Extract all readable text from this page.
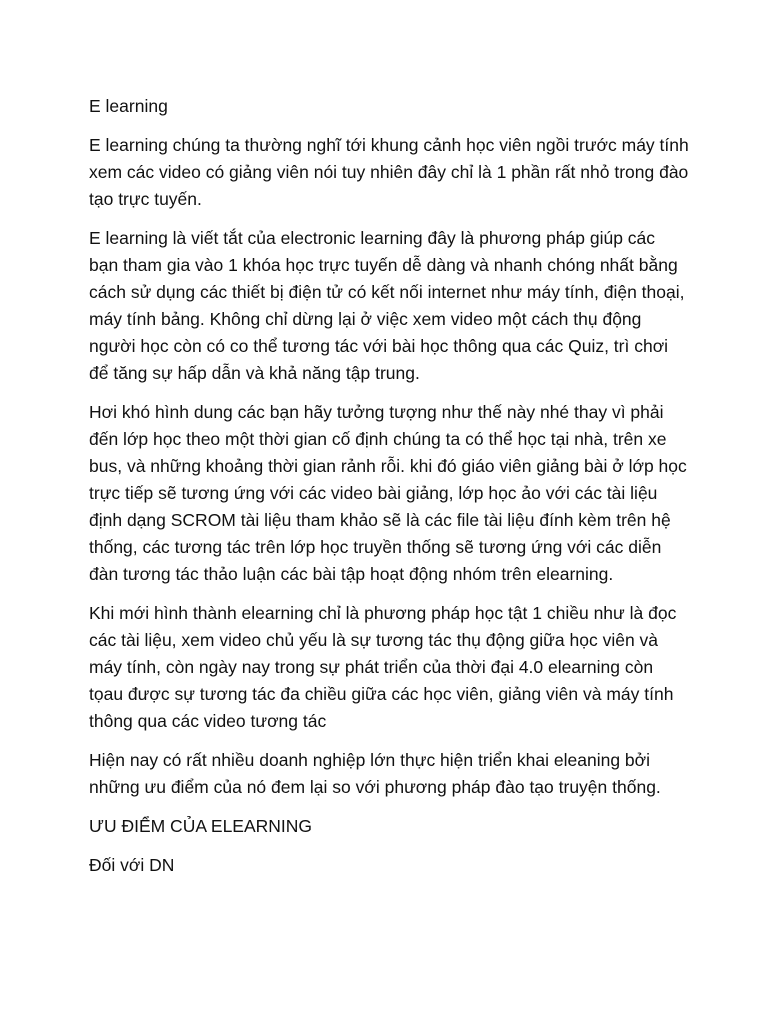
E learning

E learning chúng ta thường nghĩ tới khung cảnh học viên ngồi trước máy tính xem các video có giảng viên nói tuy nhiên đây chỉ là 1 phần rất nhỏ trong đào tạo trực tuyến.

E learning là viết tắt của electronic learning đây là phương pháp giúp các bạn tham gia vào 1 khóa học trực tuyến dễ dàng và nhanh chóng nhất bằng cách sử dụng các thiết bị điện tử có kết nối internet như máy tính, điện thoại, máy tính bảng. Không chỉ dừng lại ở việc xem video một cách thụ động người học còn có co thể tương tác với bài học thông qua các Quiz, trì chơi để tăng sự hấp dẫn và khả năng tập trung.

Hơi khó hình dung các bạn hãy tưởng tượng như thế này nhé thay vì phải đến lớp học theo một thời gian cố định chúng ta có thể học tại nhà, trên xe bus, và những khoảng thời gian rảnh rỗi. khi đó giáo viên giảng bài ở lớp học trực tiếp sẽ tương ứng với các video bài giảng, lớp học ảo với các tài liệu định dạng SCROM tài liệu tham khảo sẽ là các file tài liệu đính kèm trên hệ thống, các tương tác trên lớp học truyền thống sẽ tương ứng với các diễn đàn tương tác thảo luận các bài tập hoạt động nhóm trên elearning.

Khi mới hình thành elearning chỉ là phương pháp học tật 1 chiều như là đọc các tài liệu, xem video chủ yếu là sự tương tác thụ động giữa học viên và máy tính, còn ngày nay trong sự phát triển của thời đại 4.0 elearning còn tọau được sự tương tác đa chiều giữa các học viên, giảng viên và máy tính thông qua các video tương tác

Hiện nay có rất nhiều doanh nghiệp lớn thực hiện triển khai eleaning bởi những ưu điểm của nó đem lại so với phương pháp đào tạo truyện thống.

ƯU ĐIỂM CỦA ELEARNING

Đối với DN
